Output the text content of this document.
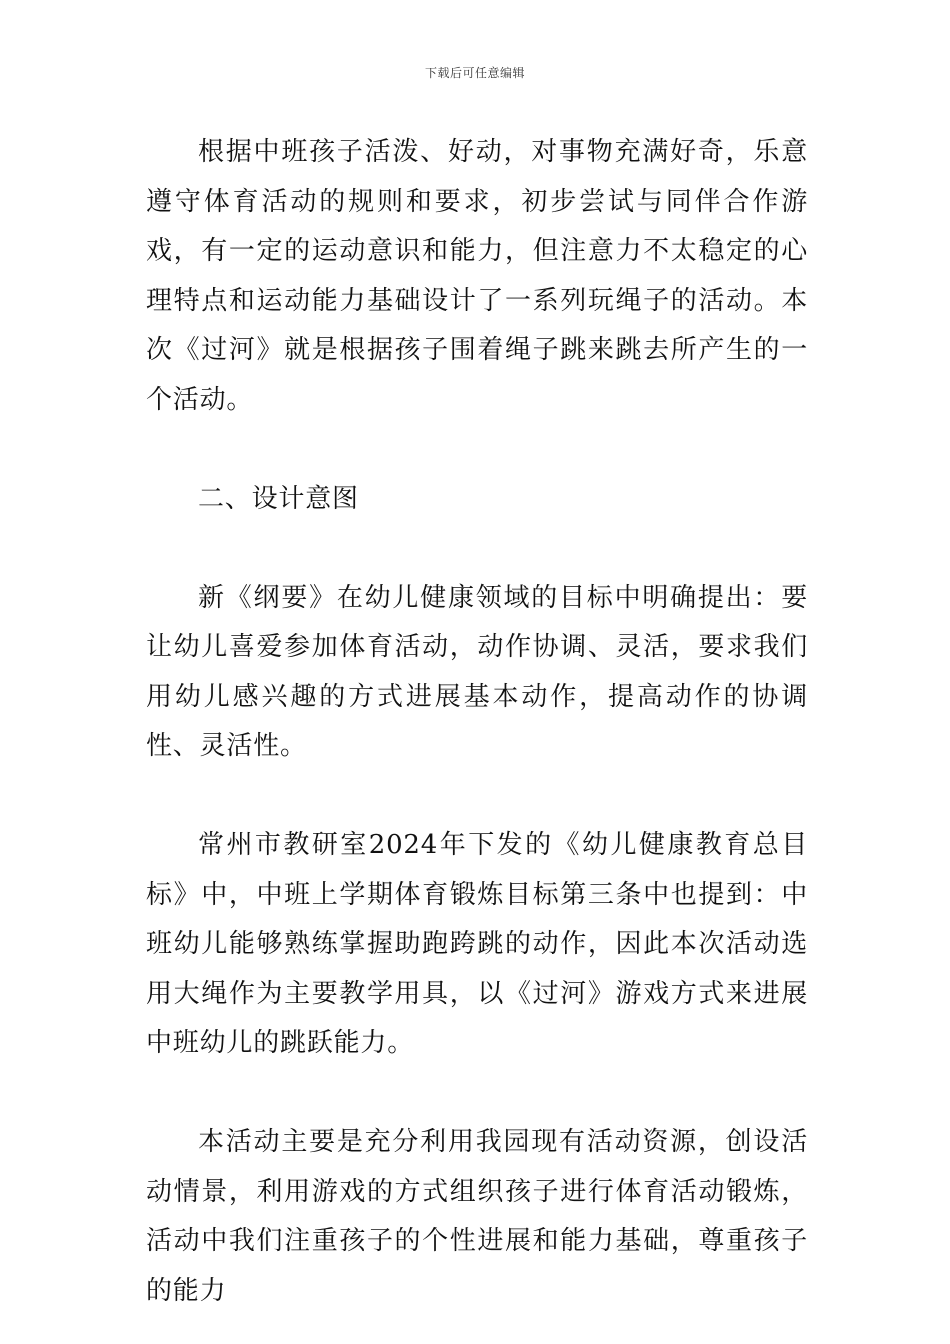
下载后可任意编辑

根据中班孩子活泼、好动，对事物充满好奇，乐意遵守体育活动的规则和要求，初步尝试与同伴合作游戏，有一定的运动意识和能力，但注意力不太稳定的心理特点和运动能力基础设计了一系列玩绳子的活动。本次《过河》就是根据孩子围着绳子跳来跳去所产生的一个活动。

二、设计意图

新《纲要》在幼儿健康领域的目标中明确提出：要让幼儿喜爱参加体育活动，动作协调、灵活，要求我们用幼儿感兴趣的方式进展基本动作，提高动作的协调性、灵活性。

常州市教研室2024年下发的《幼儿健康教育总目标》中，中班上学期体育锻炼目标第三条中也提到：中班幼儿能够熟练掌握助跑跨跳的动作，因此本次活动选用大绳作为主要教学用具，以《过河》游戏方式来进展中班幼儿的跳跃能力。

本活动主要是充分利用我园现有活动资源，创设活动情景，利用游戏的方式组织孩子进行体育活动锻炼，活动中我们注重孩子的个性进展和能力基础，尊重孩子的能力
